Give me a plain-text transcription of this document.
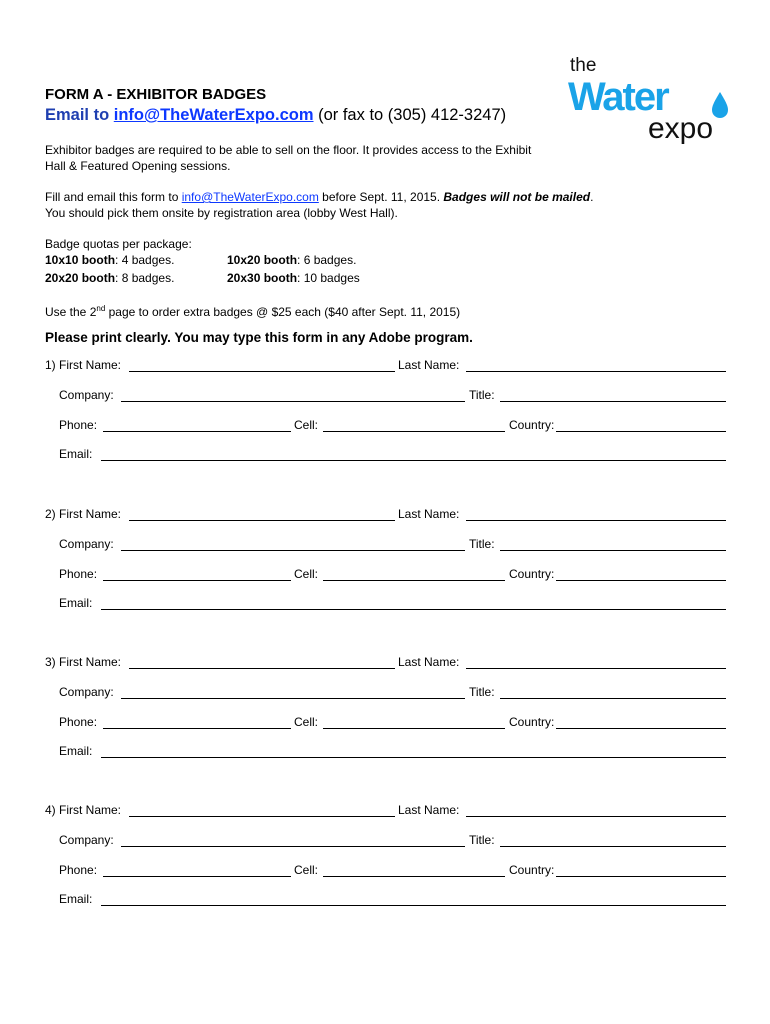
FORM A - EXHIBITOR BADGES
Email to info@TheWaterExpo.com (or fax to (305) 412-3247)
the
Water
expo
Exhibitor badges are required to be able to sell on the floor. It provides access to the Exhibit
Hall & Featured Opening sessions.
Fill and email this form to info@TheWaterExpo.com before Sept. 11, 2015. Badges will not be mailed.
You should pick them onsite by registration area (lobby West Hall).
Badge quotas per package:
10x10 booth: 4 badges.	10x20 booth: 6 badges.
20x20 booth: 8 badges.	20x30 booth: 10 badges
Use the 2nd page to order extra badges @ $25 each ($40 after Sept. 11, 2015)
Please print clearly. You may type this form in any Adobe program.
1) First Name:	Last Name:
Company:	Title:
Phone:	Cell:	Country:
Email:
2) First Name:	Last Name:
Company:	Title:
Phone:	Cell:	Country:
Email:
3) First Name:	Last Name:
Company:	Title:
Phone:	Cell:	Country:
Email:
4) First Name:	Last Name:
Company:	Title:
Phone:	Cell:	Country:
Email:
